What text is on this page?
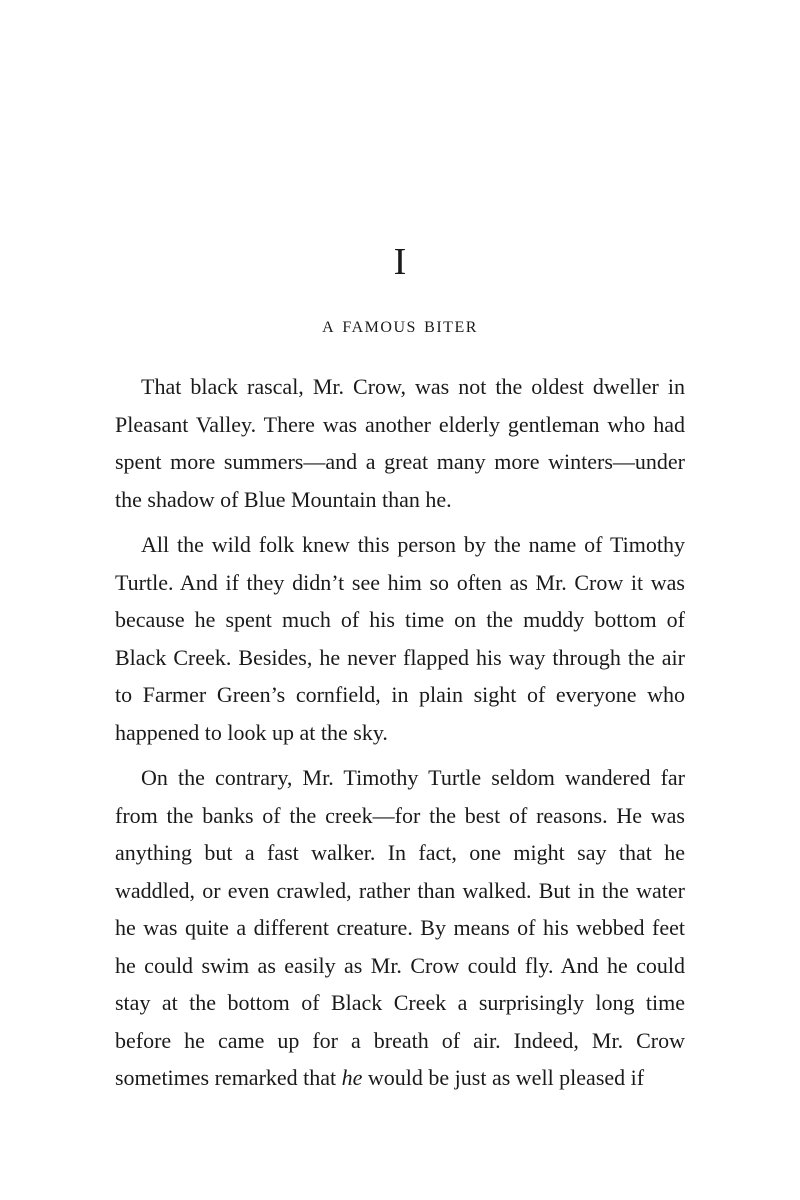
I
a famous biter

That black rascal, Mr. Crow, was not the oldest dweller in Pleasant Valley. There was another elderly gentleman who had spent more summers—and a great many more winters—under the shadow of Blue Mountain than he.

All the wild folk knew this person by the name of Timothy Turtle. And if they didn’t see him so often as Mr. Crow it was because he spent much of his time on the muddy bottom of Black Creek. Besides, he never flapped his way through the air to Farmer Green’s cornfield, in plain sight of everyone who happened to look up at the sky.

On the contrary, Mr. Timothy Turtle seldom wandered far from the banks of the creek—for the best of reasons. He was anything but a fast walker. In fact, one might say that he waddled, or even crawled, rather than walked. But in the water he was quite a different creature. By means of his webbed feet he could swim as easily as Mr. Crow could fly. And he could stay at the bottom of Black Creek a surprisingly long time before he came up for a breath of air. Indeed, Mr. Crow sometimes remarked that he would be just as well pleased if
